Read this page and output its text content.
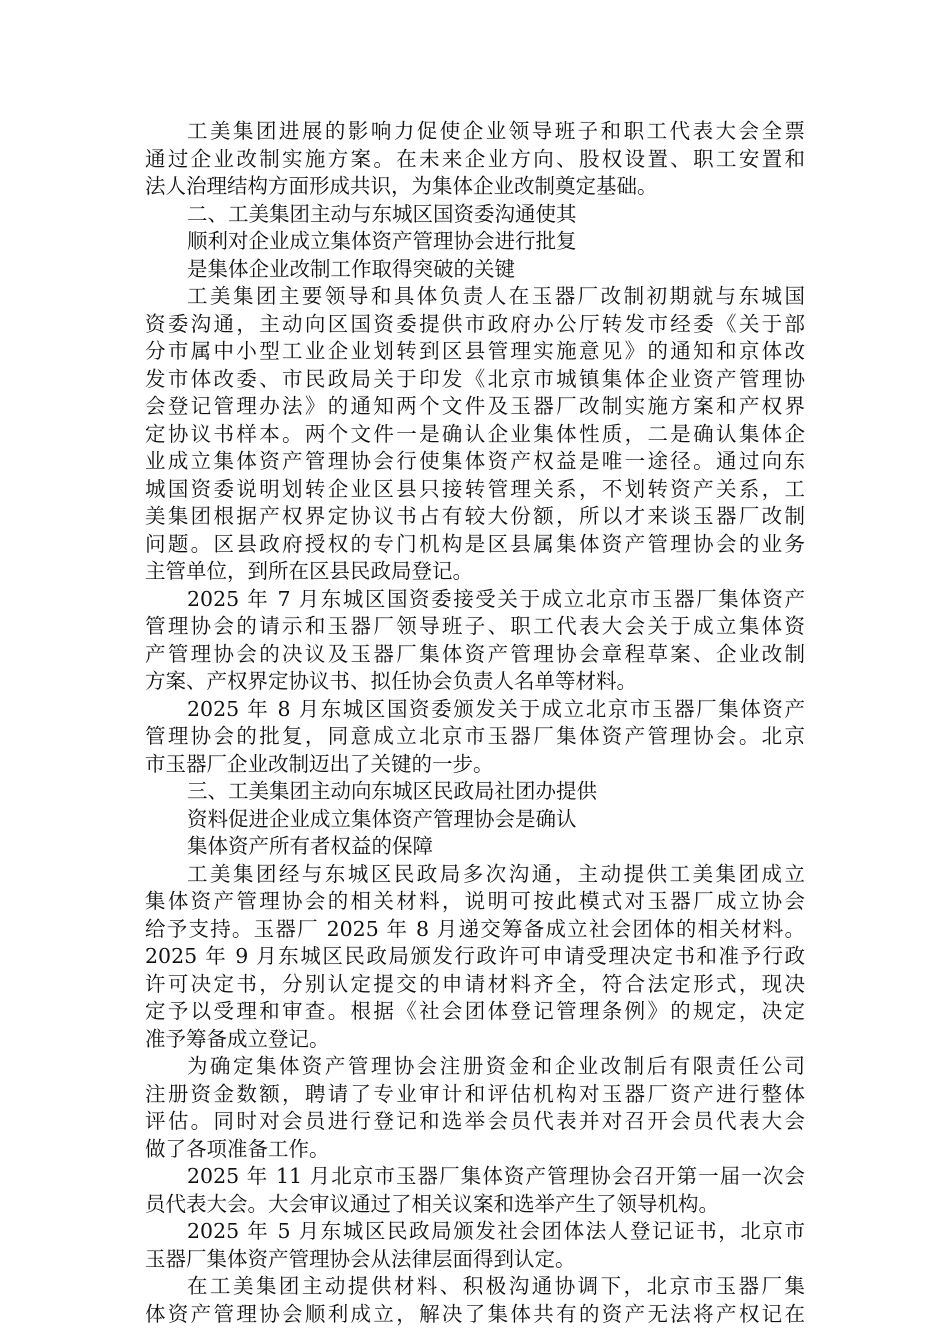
工美集团进展的影响力促使企业领导班子和职工代表大会全票
通过企业改制实施方案。在未来企业方向、股权设置、职工安置和
法人治理结构方面形成共识，为集体企业改制奠定基础。
二、工美集团主动与东城区国资委沟通使其
顺利对企业成立集体资产管理协会进行批复
是集体企业改制工作取得突破的关键
工美集团主要领导和具体负责人在玉器厂改制初期就与东城国
资委沟通，主动向区国资委提供市政府办公厅转发市经委《关于部
分市属中小型工业企业划转到区县管理实施意见》的通知和京体改
发市体改委、市民政局关于印发《北京市城镇集体企业资产管理协
会登记管理办法》的通知两个文件及玉器厂改制实施方案和产权界
定协议书样本。两个文件一是确认企业集体性质，二是确认集体企
业成立集体资产管理协会行使集体资产权益是唯一途径。通过向东
城国资委说明划转企业区县只接转管理关系，不划转资产关系，工
美集团根据产权界定协议书占有较大份额，所以才来谈玉器厂改制
问题。区县政府授权的专门机构是区县属集体资产管理协会的业务
主管单位，到所在区县民政局登记。
2025 年 7 月东城区国资委接受关于成立北京市玉器厂集体资产
管理协会的请示和玉器厂领导班子、职工代表大会关于成立集体资
产管理协会的决议及玉器厂集体资产管理协会章程草案、企业改制
方案、产权界定协议书、拟任协会负责人名单等材料。
2025 年 8 月东城区国资委颁发关于成立北京市玉器厂集体资产
管理协会的批复，同意成立北京市玉器厂集体资产管理协会。北京
市玉器厂企业改制迈出了关键的一步。
三、工美集团主动向东城区民政局社团办提供
资料促进企业成立集体资产管理协会是确认
集体资产所有者权益的保障
工美集团经与东城区民政局多次沟通，主动提供工美集团成立
集体资产管理协会的相关材料，说明可按此模式对玉器厂成立协会
给予支持。玉器厂 2025 年 8 月递交筹备成立社会团体的相关材料。
2025 年 9 月东城区民政局颁发行政许可申请受理决定书和准予行政
许可决定书，分别认定提交的申请材料齐全，符合法定形式，现决
定予以受理和审查。根据《社会团体登记管理条例》的规定，决定
准予筹备成立登记。
为确定集体资产管理协会注册资金和企业改制后有限责任公司
注册资金数额，聘请了专业审计和评估机构对玉器厂资产进行整体
评估。同时对会员进行登记和选举会员代表并对召开会员代表大会
做了各项准备工作。
2025 年 11 月北京市玉器厂集体资产管理协会召开第一届一次会
员代表大会。大会审议通过了相关议案和选举产生了领导机构。
2025 年 5 月东城区民政局颁发社会团体法人登记证书，北京市
玉器厂集体资产管理协会从法律层面得到认定。
在工美集团主动提供材料、积极沟通协调下，北京市玉器厂集
体资产管理协会顺利成立，解决了集体共有的资产无法将产权记在
